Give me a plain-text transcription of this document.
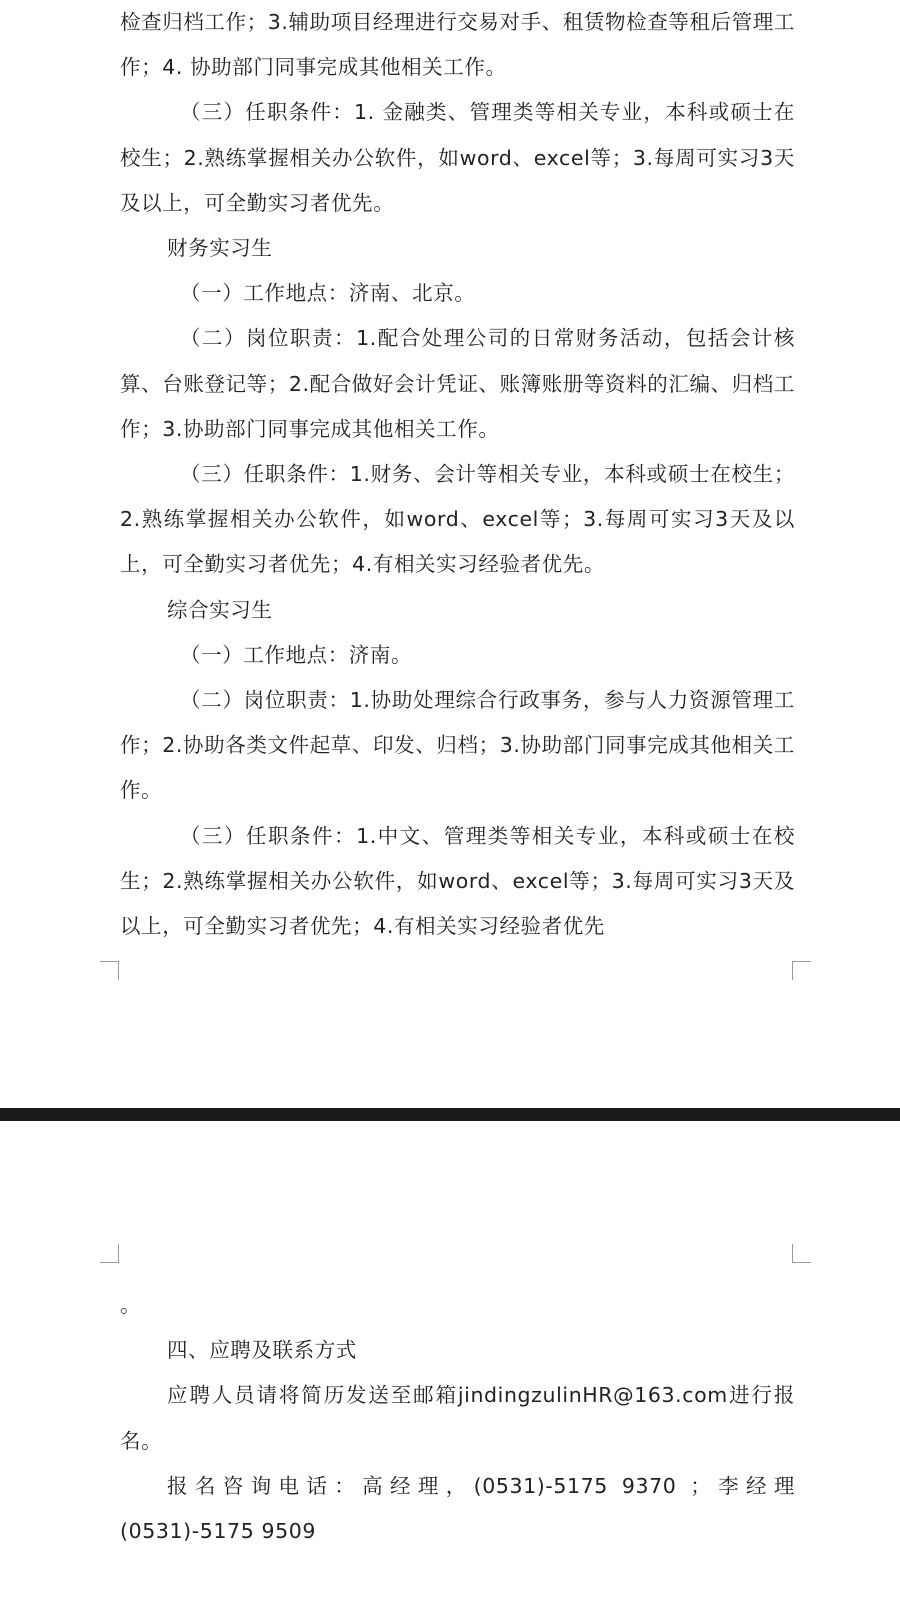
检查归档工作；3.辅助项目经理进行交易对手、租赁物检查等租后管理工作；4. 协助部门同事完成其他相关工作。

（三）任职条件：1. 金融类、管理类等相关专业，本科或硕士在校生；2.熟练掌握相关办公软件，如word、excel等；3.每周可实习3天及以上，可全勤实习者优先。

财务实习生

（一）工作地点：济南、北京。

（二）岗位职责：1.配合处理公司的日常财务活动，包括会计核算、台账登记等；2.配合做好会计凭证、账簿账册等资料的汇编、归档工作；3.协助部门同事完成其他相关工作。

（三）任职条件：1.财务、会计等相关专业，本科或硕士在校生；2.熟练掌握相关办公软件，如word、excel等；3.每周可实习3天及以上，可全勤实习者优先；4.有相关实习经验者优先。

综合实习生

（一）工作地点：济南。

（二）岗位职责：1.协助处理综合行政事务，参与人力资源管理工作；2.协助各类文件起草、印发、归档；3.协助部门同事完成其他相关工作。

（三）任职条件：1.中文、管理类等相关专业，本科或硕士在校生；2.熟练掌握相关办公软件，如word、excel等；3.每周可实习3天及以上，可全勤实习者优先；4.有相关实习经验者优先

。

四、应聘及联系方式

应聘人员请将简历发送至邮箱jindingzulinHR@163.com进行报名。

报名咨询电话：高经理，(0531)-5175 9370 ；李经理(0531)-5175 9509
